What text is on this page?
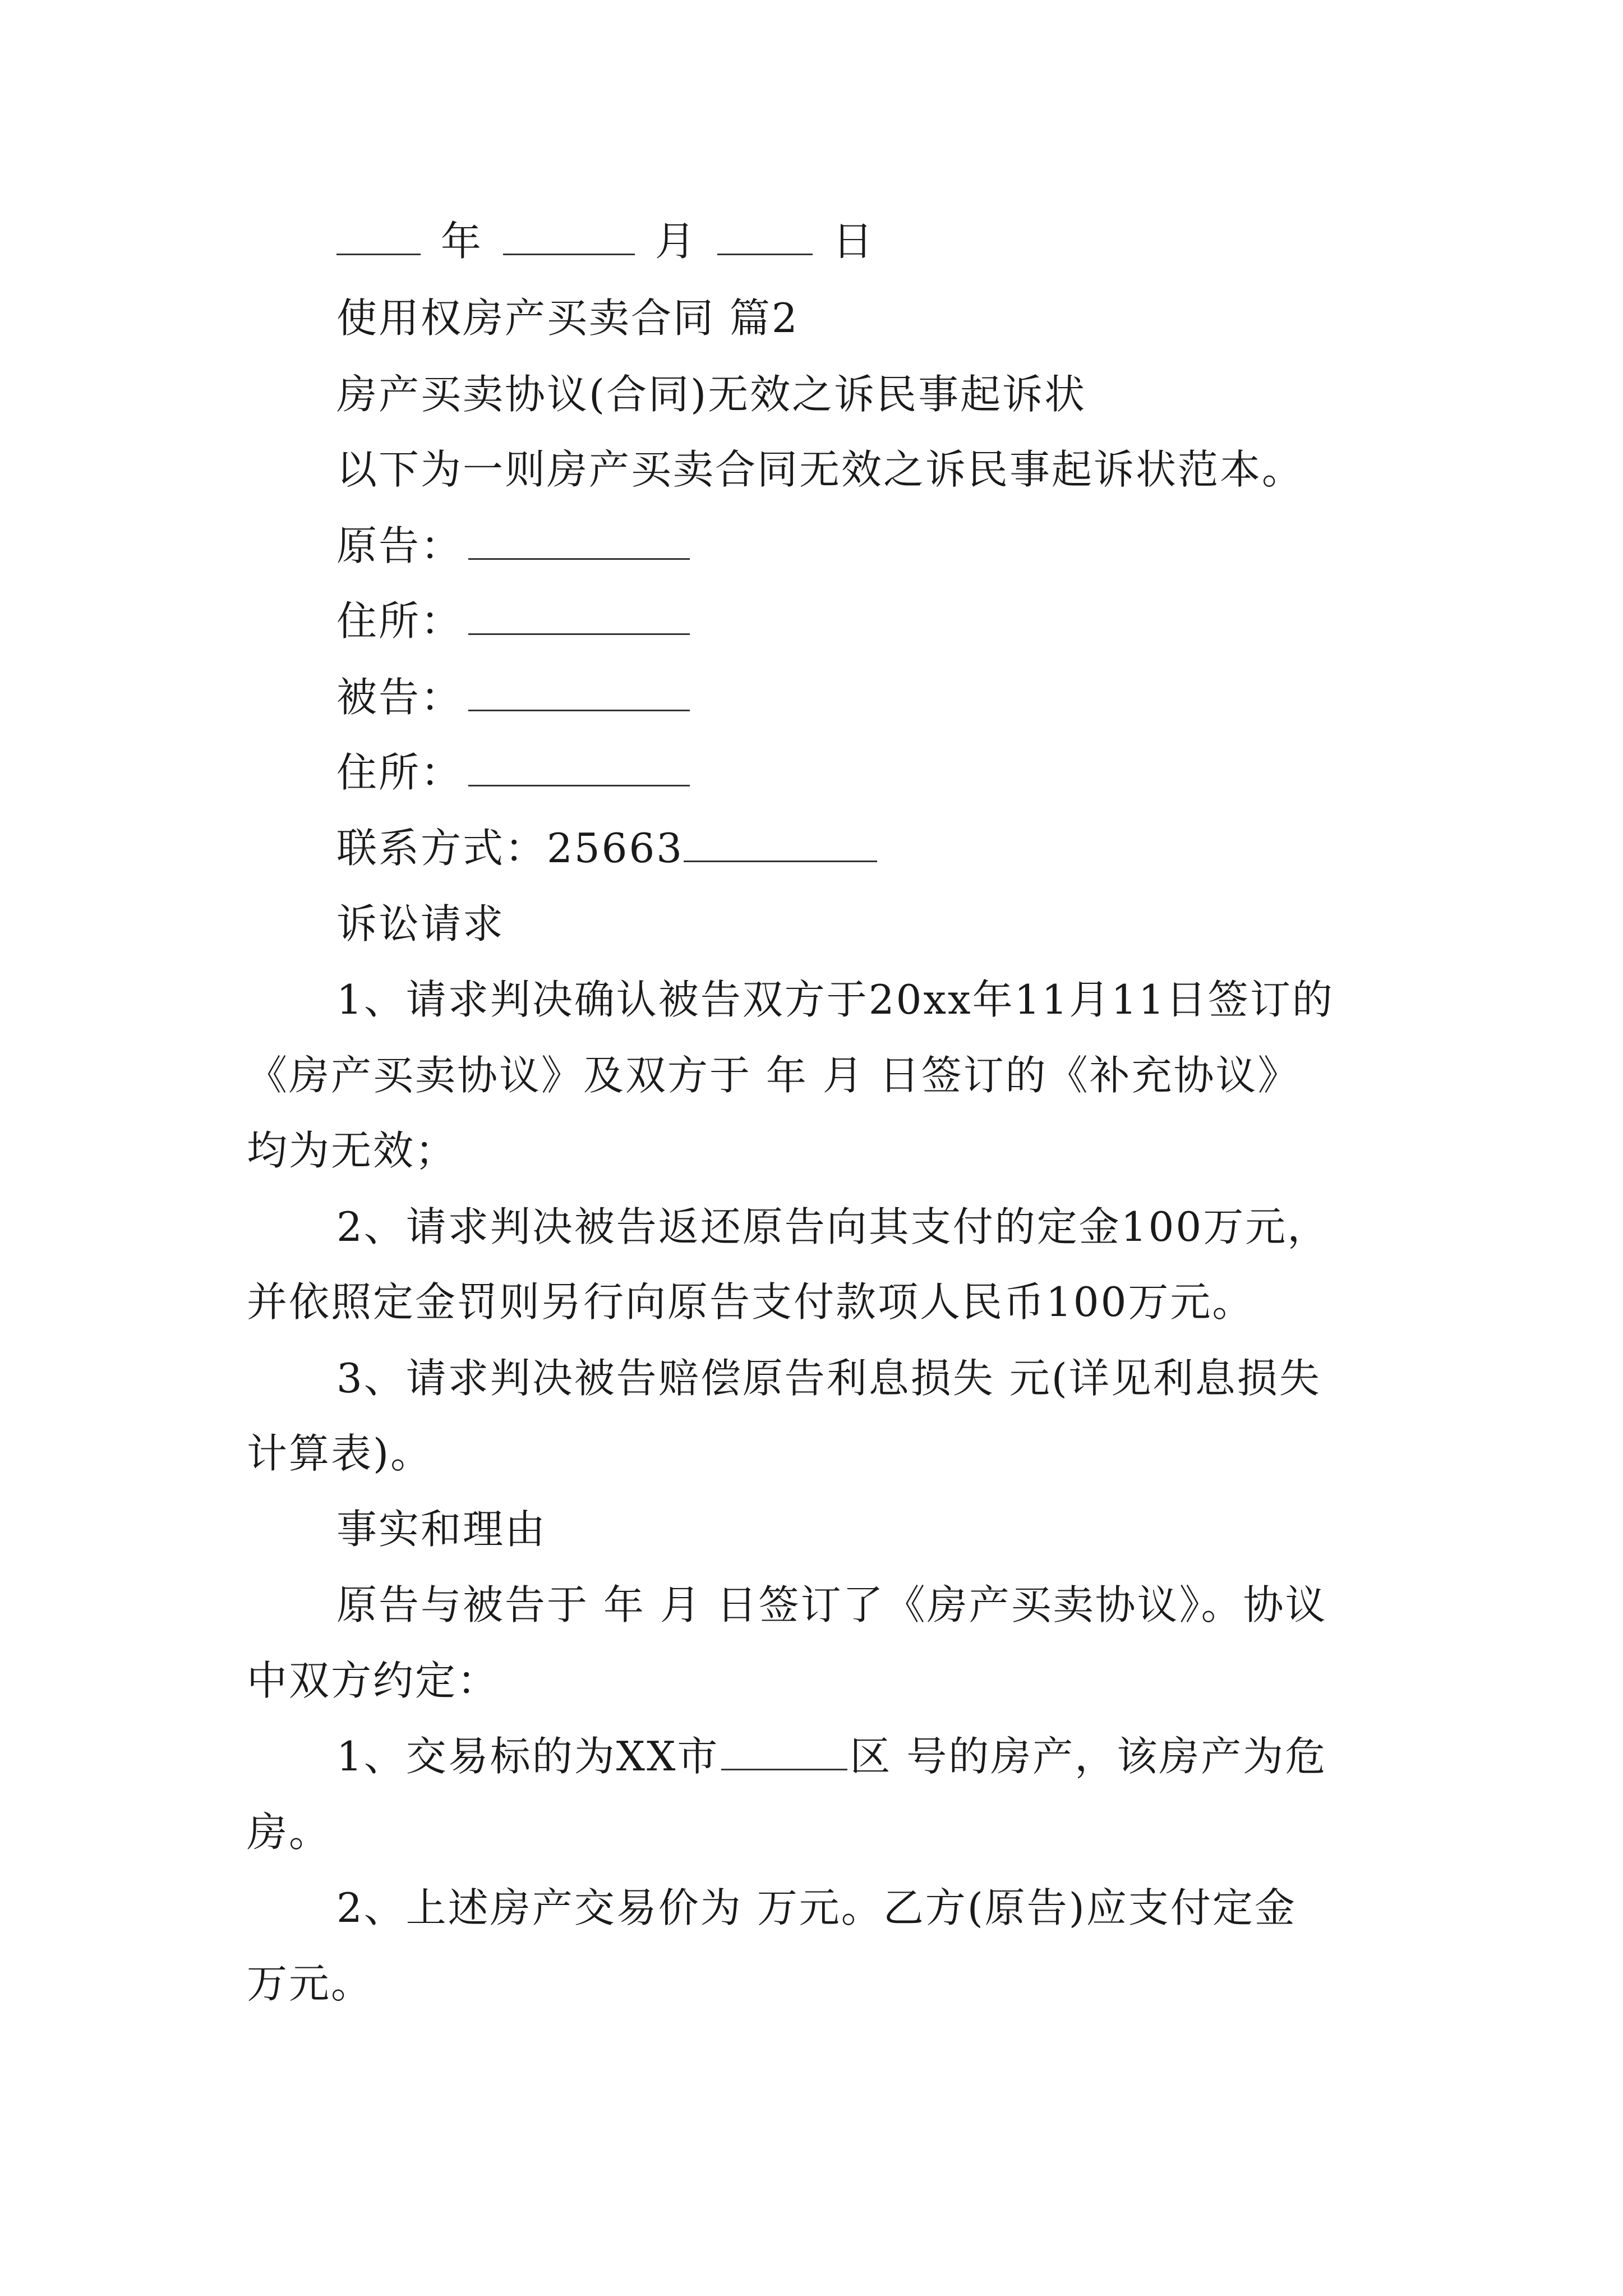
年	月	日
使用权房产买卖合同 篇2
房产买卖协议(合同)无效之诉民事起诉状
以下为一则房产买卖合同无效之诉民事起诉状范本。
原告：
住所：
被告：
住所：
联系方式：25663
诉讼请求
1、请求判决确认被告双方于20xx年11月11日签订的
《房产买卖协议》及双方于 年 月 日签订的《补充协议》
均为无效；
2、请求判决被告返还原告向其支付的定金100万元，
并依照定金罚则另行向原告支付款项人民币100万元。
3、请求判决被告赔偿原告利息损失 元(详见利息损失
计算表)。
事实和理由
原告与被告于 年 月 日签订了《房产买卖协议》。协议
中双方约定：
1、交易标的为XX市	区 号的房产，该房产为危
房。
2、上述房产交易价为 万元。乙方(原告)应支付定金
万元。
